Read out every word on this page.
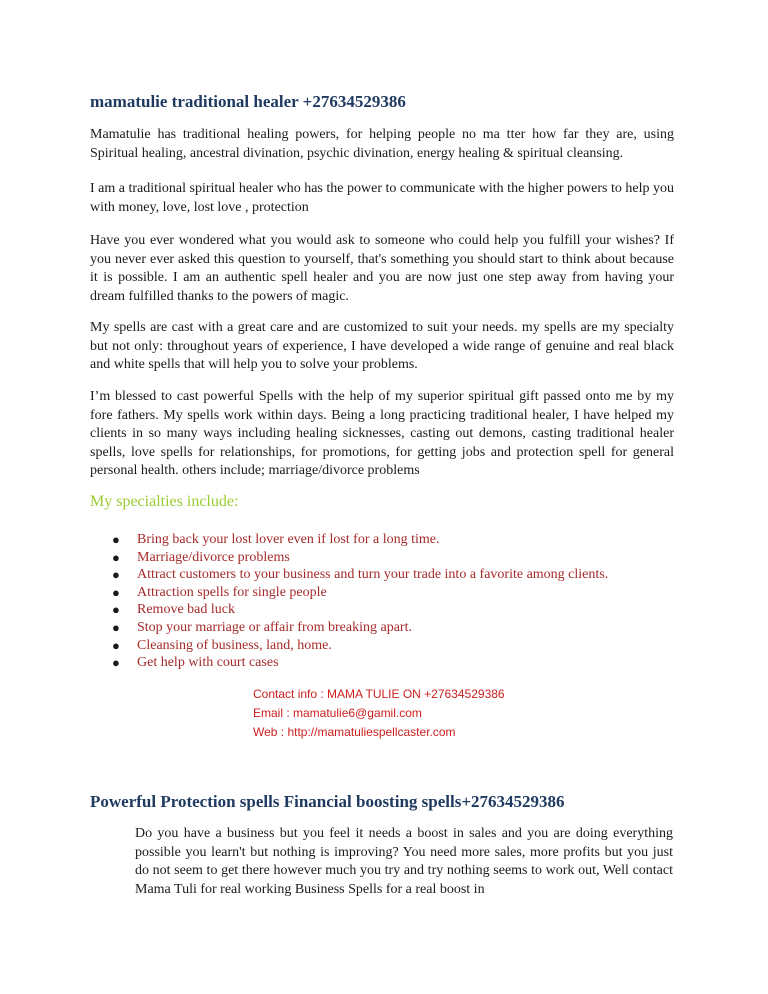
mamatulie traditional healer +27634529386

Mamatulie has traditional healing powers, for helping people no ma tter how far they are, using Spiritual healing, ancestral divination, psychic divination, energy healing & spiritual cleansing.

I am a traditional spiritual healer who has the power to communicate with the higher powers to help you with money, love, lost love , protection

Have you ever wondered what you would ask to someone who could help you fulfill your wishes? If you never ever asked this question to yourself, that's something you should start to think about because it is possible. I am an authentic spell healer and you are now just one step away from having your dream fulfilled thanks to the powers of magic.

My spells are cast with a great care and are customized to suit your needs. my spells are my specialty but not only: throughout years of experience, I have developed a wide range of genuine and real black and white spells that will help you to solve your problems.

I’m blessed to cast powerful Spells with the help of my superior spiritual gift passed onto me by my fore fathers. My spells work within days. Being a long practicing traditional healer, I have helped my clients in so many ways including healing sicknesses, casting out demons, casting traditional healer spells, love spells for relationships, for promotions, for getting jobs and protection spell for general personal health. others include; marriage/divorce problems

My specialties include:
● Bring back your lost lover even if lost for a long time.
● Marriage/divorce problems
● Attract customers to your business and turn your trade into a favorite among clients.
● Attraction spells for single people
● Remove bad luck
● Stop your marriage or affair from breaking apart.
● Cleansing of business, land, home.
● Get help with court cases
Contact info : MAMA TULIE ON +27634529386
Email : mamatulie6@gamil.com
Web : http://mamatuliespellcaster.com
Powerful Protection spells Financial boosting spells+27634529386

Do you have a business but you feel it needs a boost in sales and you are doing everything possible you learn't but nothing is improving? You need more sales, more profits but you just do not seem to get there however much you try and try nothing seems to work out, Well contact Mama Tuli for real working Business Spells for a real boost in
